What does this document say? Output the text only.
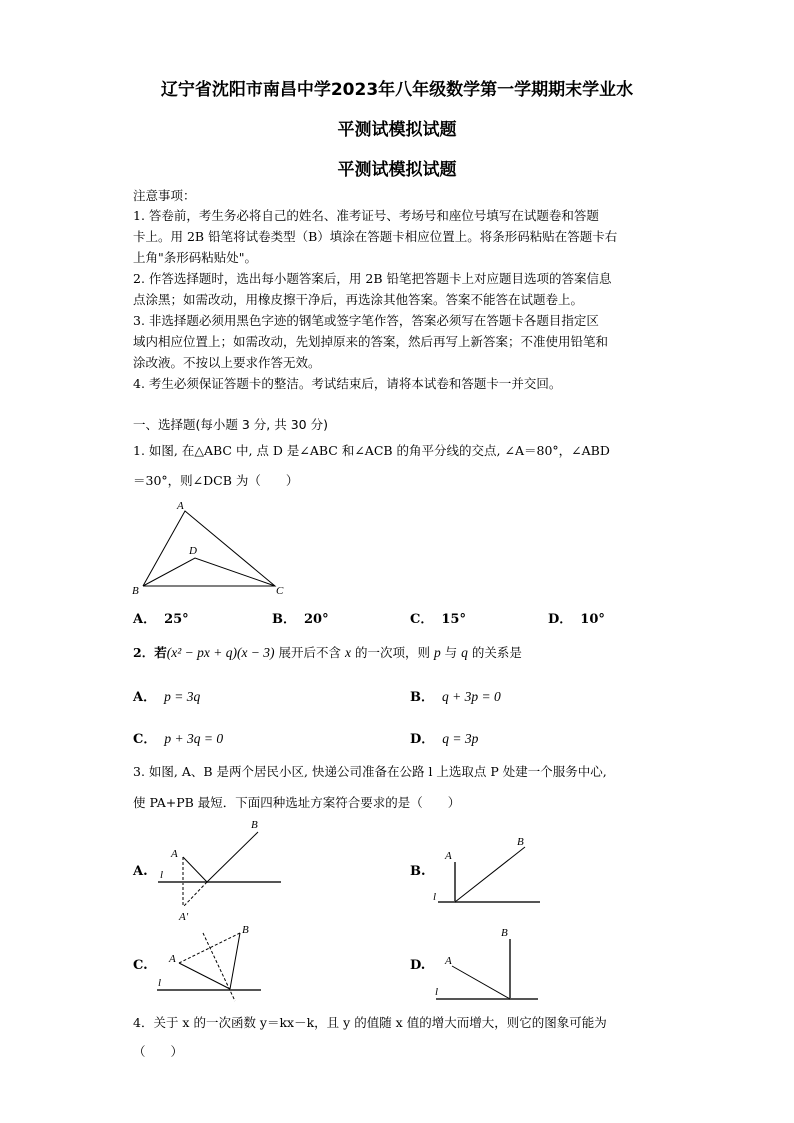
辽宁省沈阳市南昌中学2023年八年级数学第一学期期末学业水
平测试模拟试题
平测试模拟试题
注意事项：
1. 答卷前，考生务必将自己的姓名、准考证号、考场号和座位号填写在试题卷和答题
卡上。用 2B 铅笔将试卷类型（B）填涂在答题卡相应位置上。将条形码粘贴在答题卡右
上角"条形码粘贴处"。
2. 作答选择题时，选出每小题答案后，用 2B 铅笔把答题卡上对应题目选项的答案信息
点涂黑；如需改动，用橡皮擦干净后，再选涂其他答案。答案不能答在试题卷上。
3. 非选择题必须用黑色字迹的钢笔或签字笔作答，答案必须写在答题卡各题目指定区
域内相应位置上；如需改动，先划掉原来的答案，然后再写上新答案；不准使用铅笔和
涂改液。不按以上要求作答无效。
4. 考生必须保证答题卡的整洁。考试结束后，请将本试卷和答题卡一并交回。
一、选择题(每小题 3 分, 共 30 分)
1. 如图, 在△ABC 中, 点 D 是∠ABC 和∠ACB 的角平分线的交点, ∠A＝80°，∠ABD
＝30°，则∠DCB 为（　　）
A
D
B	C
A． 25°	B． 20°	C． 15°	D． 10°
2．若(x² − px + q)(x − 3) 展开后不含 x 的一次项，则 p 与 q 的关系是
A． p = 3q	B． q + 3p = 0
C． p + 3q = 0	D． q = 3p
3. 如图, A、B 是两个居民小区, 快递公司准备在公路 l 上选取点 P 处建一个服务中心,
使 PA+PB 最短．下面四种选址方案符合要求的是（　　）
A.
A
B
l
A′
B.
A
B
l
C. A
B
l
D. A
B
l
4．关于 x 的一次函数 y＝kx－k，且 y 的值随 x 值的增大而增大，则它的图象可能为
（　　）
